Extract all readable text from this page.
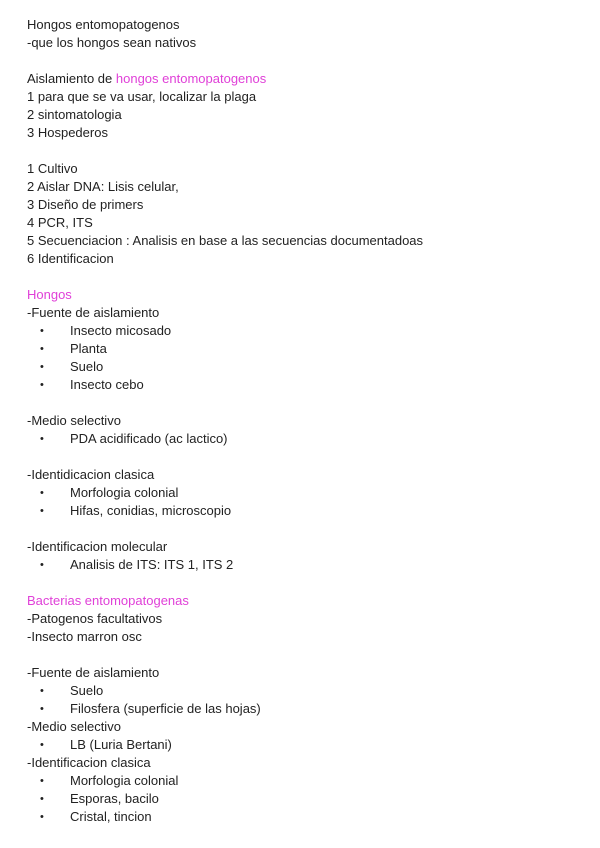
Hongos entomopatogenos
-que los hongos sean nativos
Aislamiento de hongos entomopatogenos
1 para que se va usar, localizar la plaga
2 sintomatologia
3 Hospederos
1 Cultivo
2 Aislar DNA: Lisis celular,
3 Diseño de primers
4 PCR, ITS
5 Secuenciacion : Analisis en base a las secuencias documentadoas
6 Identificacion
Hongos
-Fuente de aislamiento
•	Insecto micosado
•	Planta
•	Suelo
•	Insecto cebo
-Medio selectivo
•	PDA acidificado (ac lactico)
-Identidicacion clasica
•	Morfologia colonial
•	Hifas, conidias, microscopio
-Identificacion molecular
•	Analisis de ITS: ITS 1, ITS 2
Bacterias entomopatogenas
-Patogenos facultativos
-Insecto marron osc
-Fuente de aislamiento
•	Suelo
•	Filosfera (superficie de las hojas)
-Medio selectivo
•	LB (Luria Bertani)
-Identificacion clasica
•	Morfologia colonial
•	Esporas, bacilo
•	Cristal, tincion
